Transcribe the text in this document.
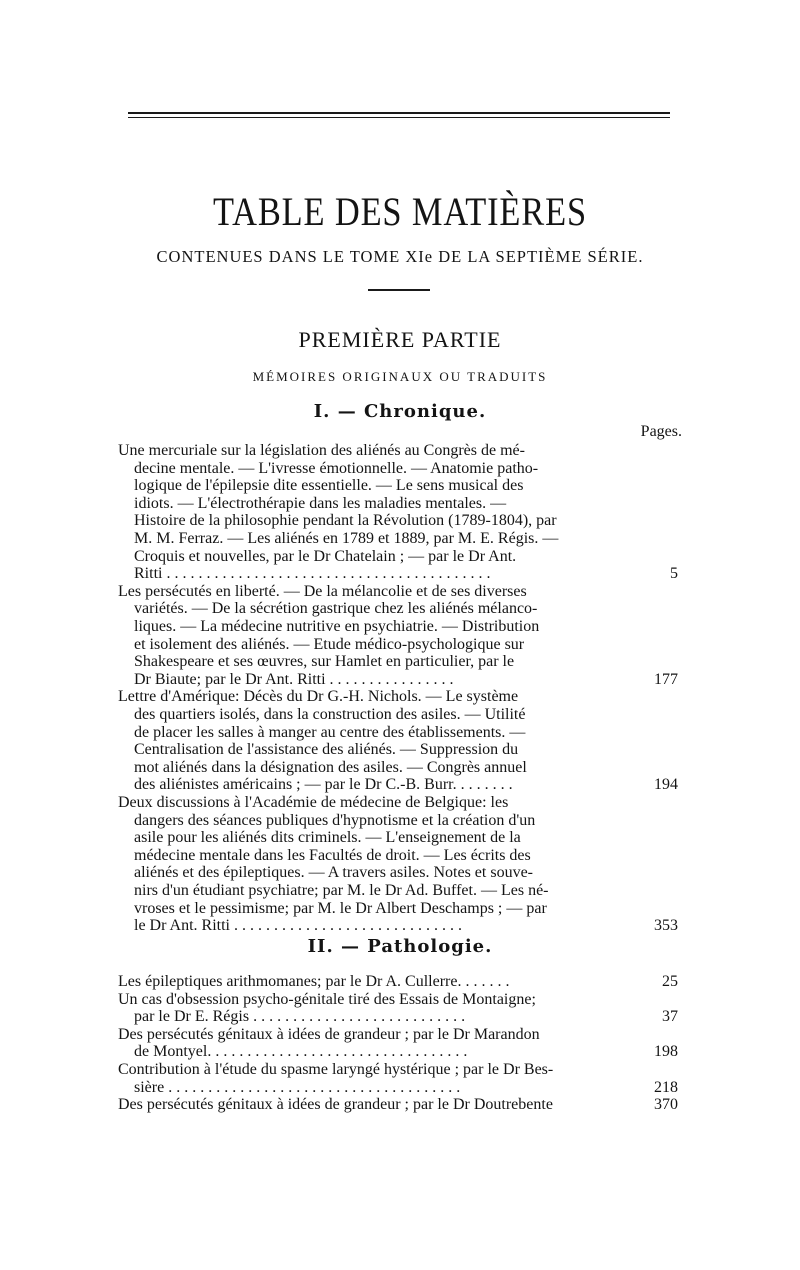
TABLE DES MATIÈRES
CONTENUES DANS LE TOME XIe DE LA SEPTIÈME SÉRIE.
PREMIÈRE PARTIE
MÉMOIRES ORIGINAUX OU TRADUITS
I. — Chronique.
Pages.
Une mercuriale sur la législation des aliénés au Congrès de mé-
decine mentale. — L'ivresse émotionnelle. — Anatomie patho-
logique de l'épilepsie dite essentielle. — Le sens musical des
idiots. — L'électrothérapie dans les maladies mentales. —
Histoire de la philosophie pendant la Révolution (1789-1804), par
M. M. Ferraz. — Les aliénés en 1789 et 1889, par M. E. Régis. —
Croquis et nouvelles, par le Dr Chatelain ; — par le Dr Ant.
Ritti . . . . . . . . . . . . . . . . . . . . . . . . . . . . . . . . . . . . . . . . .	5
Les persécutés en liberté. — De la mélancolie et de ses diverses
variétés. — De la sécrétion gastrique chez les aliénés mélanco-
liques. — La médecine nutritive en psychiatrie. — Distribution
et isolement des aliénés. — Etude médico-psychologique sur
Shakespeare et ses œuvres, sur Hamlet en particulier, par le
Dr Biaute; par le Dr Ant. Ritti . . . . . . . . . . . . . . . .	177
Lettre d'Amérique: Décès du Dr G.-H. Nichols. — Le système
des quartiers isolés, dans la construction des asiles. — Utilité
de placer les salles à manger au centre des établissements. —
Centralisation de l'assistance des aliénés. — Suppression du
mot aliénés dans la désignation des asiles. — Congrès annuel
des aliénistes américains ; — par le Dr C.-B. Burr. . . . . . . .	194
Deux discussions à l'Académie de médecine de Belgique: les
dangers des séances publiques d'hypnotisme et la création d'un
asile pour les aliénés dits criminels. — L'enseignement de la
médecine mentale dans les Facultés de droit. — Les écrits des
aliénés et des épileptiques. — A travers asiles. Notes et souve-
nirs d'un étudiant psychiatre; par M. le Dr Ad. Buffet. — Les né-
vroses et le pessimisme; par M. le Dr Albert Deschamps ; — par
le Dr Ant. Ritti . . . . . . . . . . . . . . . . . . . . . . . . . . . . .	353
II. — Pathologie.
Les épileptiques arithmomanes; par le Dr A. Cullerre. . . . . . .	25
Un cas d'obsession psycho-génitale tiré des Essais de Montaigne;
par le Dr E. Régis . . . . . . . . . . . . . . . . . . . . . . . . . . .	37
Des persécutés génitaux à idées de grandeur ; par le Dr Marandon
de Montyel. . . . . . . . . . . . . . . . . . . . . . . . . . . . . . . . .	198
Contribution à l'étude du spasme laryngé hystérique ; par le Dr Bes-
sière . . . . . . . . . . . . . . . . . . . . . . . . . . . . . . . . . . . . .	218
Des persécutés génitaux à idées de grandeur ; par le Dr Doutrebente	370
